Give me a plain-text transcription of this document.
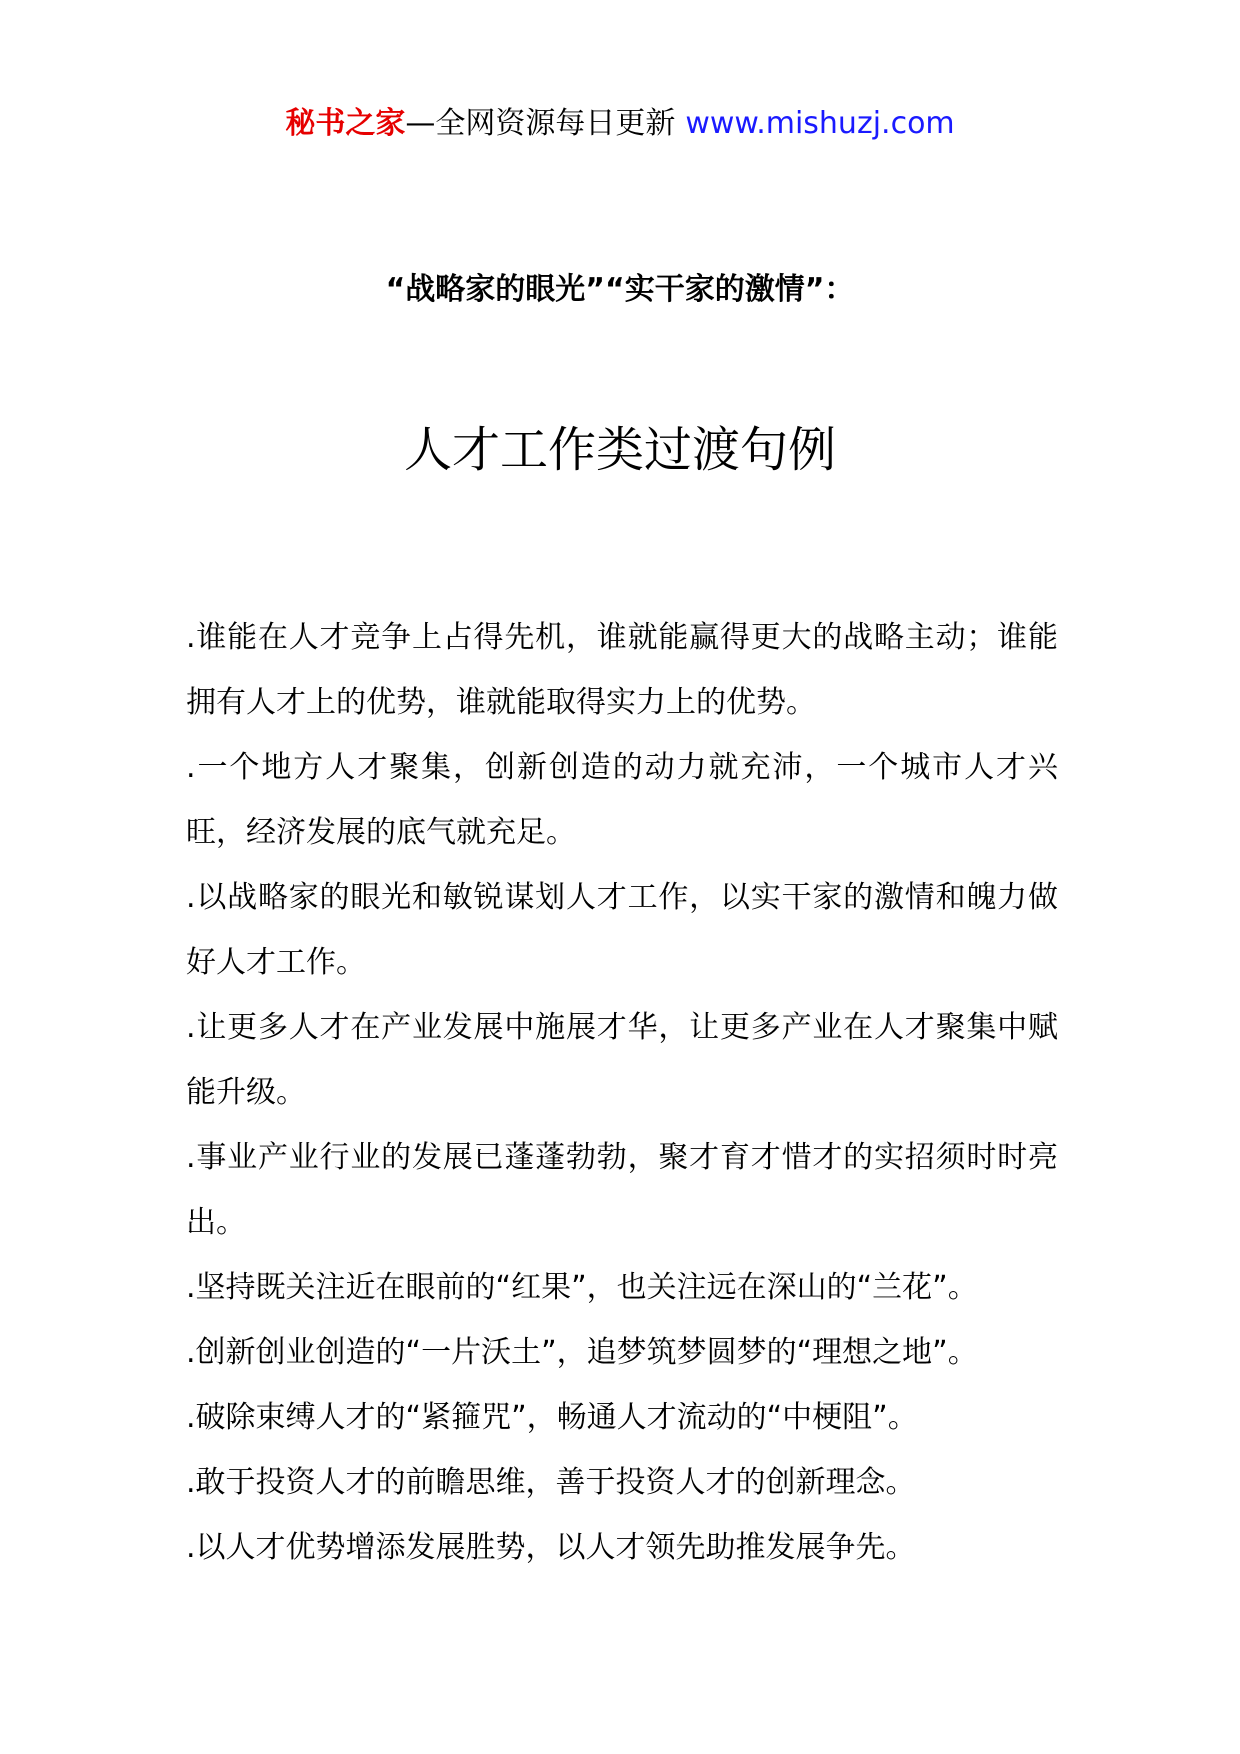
秘书之家—全网资源每日更新 www.mishuzj.com
“战略家的眼光”“实干家的激情”：
人才工作类过渡句例

.谁能在人才竞争上占得先机，谁就能赢得更大的战略主动；谁能拥有人才上的优势，谁就能取得实力上的优势。

.一个地方人才聚集，创新创造的动力就充沛，一个城市人才兴旺，经济发展的底气就充足。

.以战略家的眼光和敏锐谋划人才工作，以实干家的激情和魄力做好人才工作。

.让更多人才在产业发展中施展才华，让更多产业在人才聚集中赋能升级。

.事业产业行业的发展已蓬蓬勃勃，聚才育才惜才的实招须时时亮出。

.坚持既关注近在眼前的“红果”，也关注远在深山的“兰花”。

.创新创业创造的“一片沃土”，追梦筑梦圆梦的“理想之地”。

.破除束缚人才的“紧箍咒”，畅通人才流动的“中梗阻”。

.敢于投资人才的前瞻思维，善于投资人才的创新理念。

.以人才优势增添发展胜势，以人才领先助推发展争先。
